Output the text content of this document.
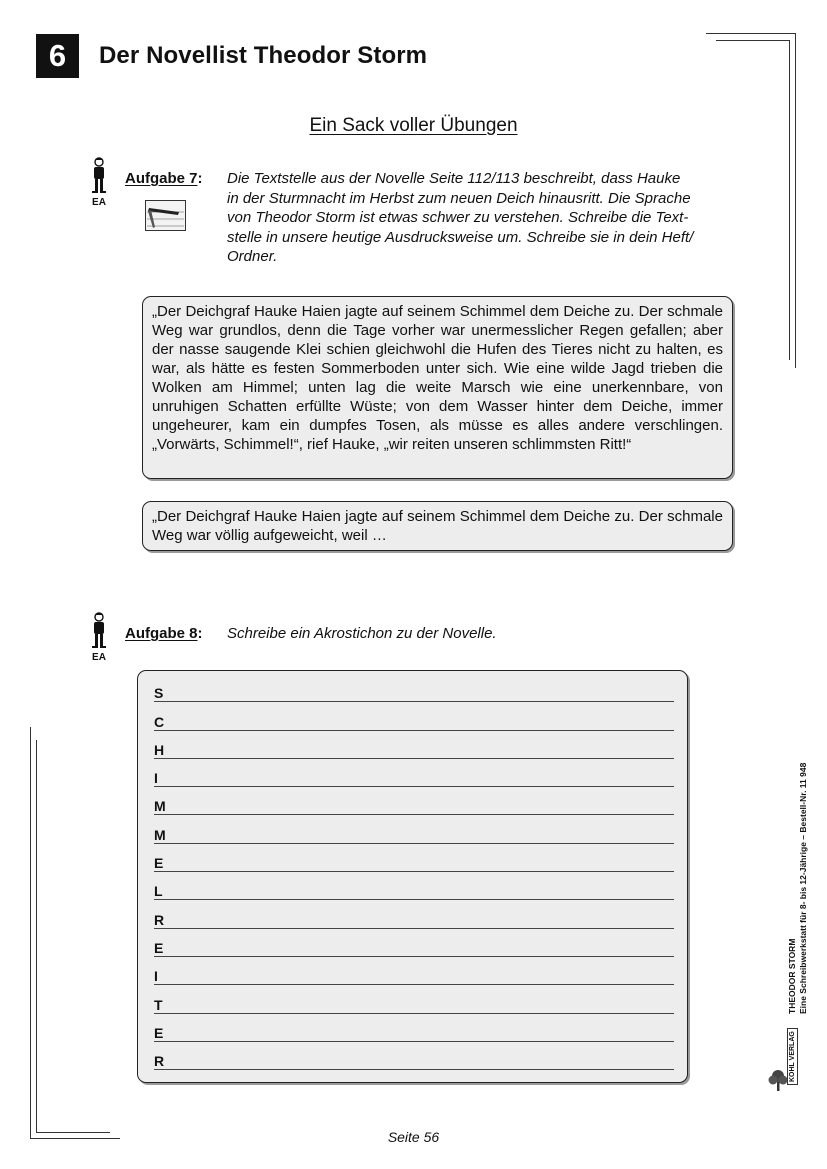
6	Der Novellist Theodor Storm
Ein Sack voller Übungen
EA
Aufgabe 7: Die Textstelle aus der Novelle Seite 112/113 beschreibt, dass Hauke
in der Sturmnacht im Herbst zum neuen Deich hinausritt. Die Sprache
von Theodor Storm ist etwas schwer zu verstehen. Schreibe die Text-
stelle in unsere heutige Ausdrucksweise um. Schreibe sie in dein Heft/
Ordner.
„Der Deichgraf Hauke Haien jagte auf seinem Schimmel dem Deiche zu. Der schmale Weg war grundlos, denn die Tage vorher war unermesslicher Regen gefallen; aber der nasse saugende Klei schien gleichwohl die Hufen des Tieres nicht zu halten, es war, als hätte es festen Sommerboden unter sich. Wie eine wilde Jagd trieben die Wolken am Himmel; unten lag die weite Marsch wie eine unerkennbare, von unruhigen Schatten erfüllte Wüste; von dem Wasser hinter dem Deiche, immer ungeheurer, kam ein dumpfes Tosen, als müsse es alles andere verschlingen. „Vorwärts, Schimmel!“, rief Hauke, „wir reiten unseren schlimmsten Ritt!“
„Der Deichgraf Hauke Haien jagte auf seinem Schimmel dem Deiche zu. Der schmale Weg war völlig aufgeweicht, weil …
EA
Aufgabe 8: Schreibe ein Akrostichon zu der Novelle.
S
C
H
I
M
M
E
L
R
E
I
T
E
R
THEODOR STORM Eine Schreibwerkstatt für 8- bis 12-Jährige – Bestell-Nr. 11 948
KOHL VERLAG
Seite 56
